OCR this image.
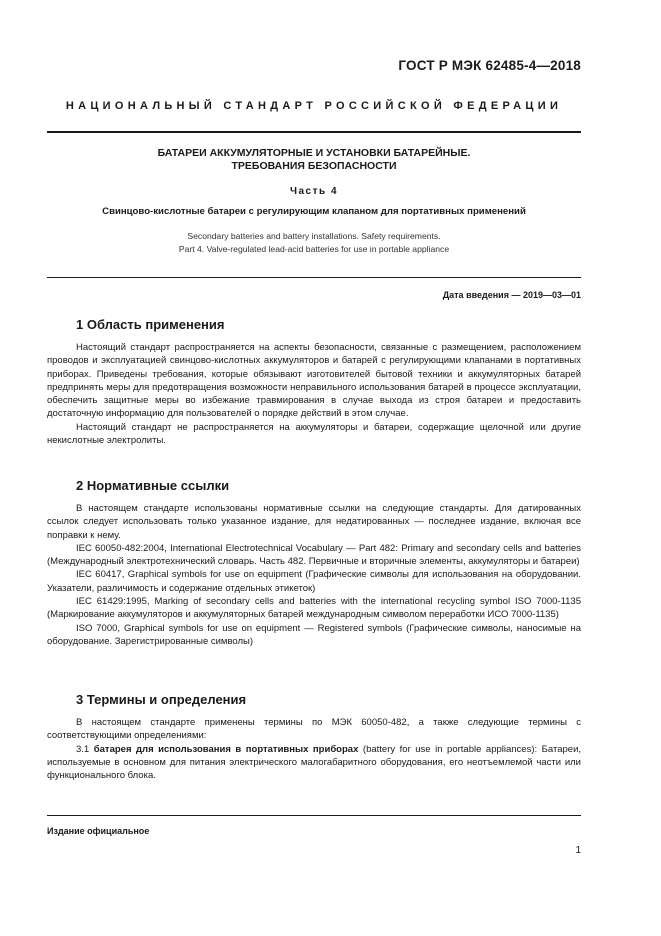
ГОСТ Р МЭК 62485-4—2018
НАЦИОНАЛЬНЫЙ СТАНДАРТ РОССИЙСКОЙ ФЕДЕРАЦИИ
БАТАРЕИ АККУМУЛЯТОРНЫЕ И УСТАНОВКИ БАТАРЕЙНЫЕ.
ТРЕБОВАНИЯ БЕЗОПАСНОСТИ
Часть 4
Свинцово-кислотные батареи с регулирующим клапаном для портативных применений
Secondary batteries and battery installations. Safety requirements.
Part 4. Valve-regulated lead-acid batteries for use in portable appliance
Дата введения — 2019—03—01
1 Область применения

Настоящий стандарт распространяется на аспекты безопасности, связанные с размещением, расположением проводов и эксплуатацией свинцово-кислотных аккумуляторов и батарей с регулирующими клапанами в портативных приборах. Приведены требования, которые обязывают изготовителей бытовой техники и аккумуляторных батарей предпринять меры для предотвращения возможности неправильного использования батарей в процессе эксплуатации, обеспечить защитные меры во избежание травмирования в случае выхода из строя батареи и предоставить достаточную информацию для пользователей о порядке действий в этом случае.

Настоящий стандарт не распространяется на аккумуляторы и батареи, содержащие щелочной или другие некислотные электролиты.

2 Нормативные ссылки

В настоящем стандарте использованы нормативные ссылки на следующие стандарты. Для датированных ссылок следует использовать только указанное издание, для недатированных — последнее издание, включая все поправки к нему.

IEC 60050-482:2004, International Electrotechnical Vocabulary — Part 482: Primary and secondary cells and batteries (Международный электротехнический словарь. Часть 482. Первичные и вторичные элементы, аккумуляторы и батареи)

IEC 60417, Graphical symbols for use on equipment (Графические символы для использования на оборудовании. Указатели, различимость и содержание отдельных этикеток)

IEC 61429:1995, Marking of secondary cells and batteries with the international recycling symbol ISO 7000-1135 (Маркирование аккумуляторов и аккумуляторных батарей международным символом переработки ИСО 7000-1135)

ISO 7000, Graphical symbols for use on equipment — Registered symbols (Графические символы, наносимые на оборудование. Зарегистрированные символы)

3 Термины и определения

В настоящем стандарте применены термины по МЭК 60050-482, а также следующие термины с соответствующими определениями:

3.1 батарея для использования в портативных приборах (battery for use in portable appliances): Батареи, используемые в основном для питания электрического малогабаритного оборудования, его неотъемлемой части или функционального блока.

Издание официальное
1
